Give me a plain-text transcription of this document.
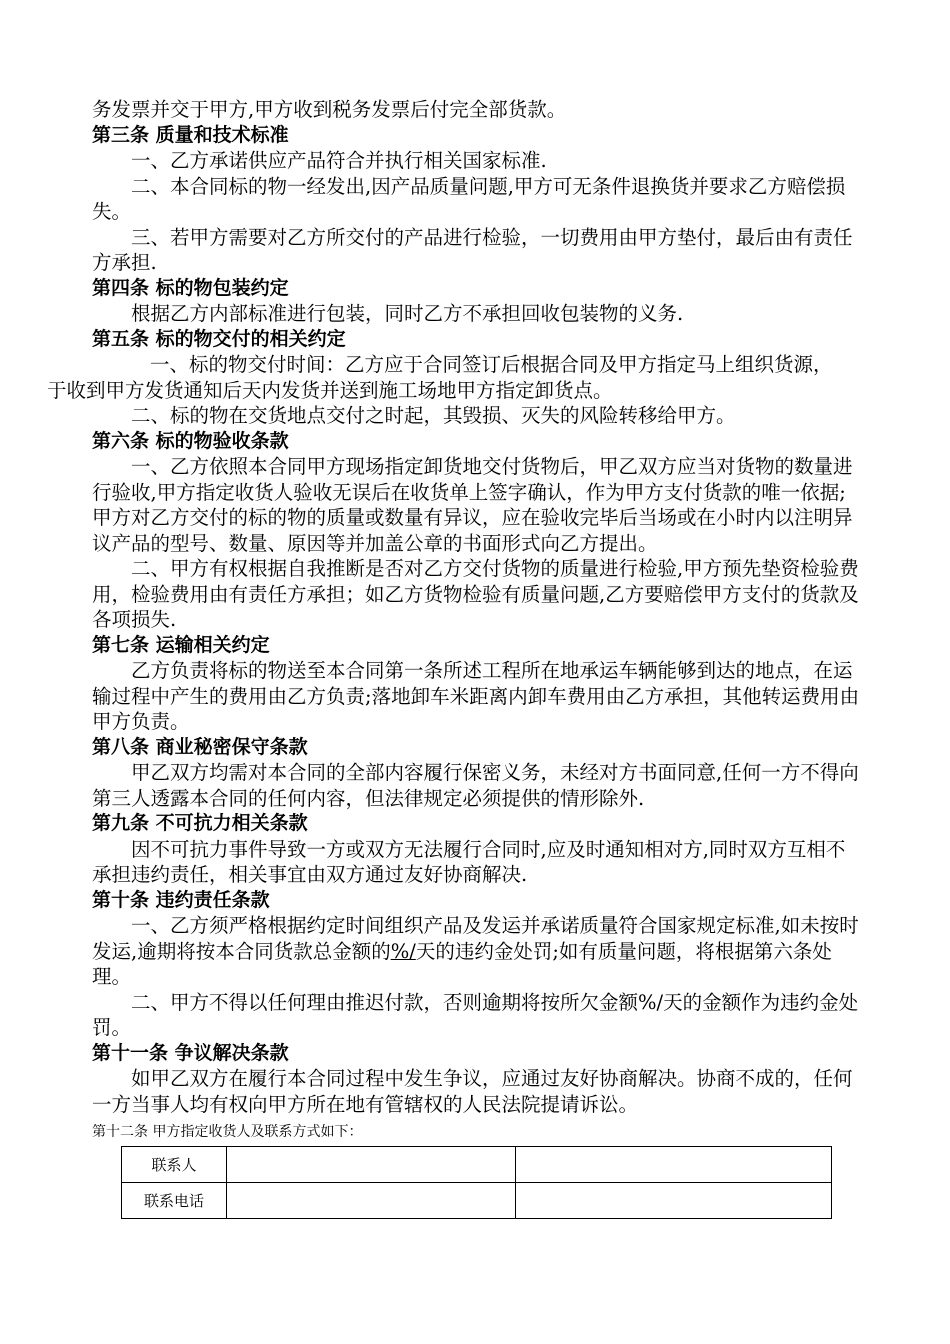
务发票并交于甲方,甲方收到税务发票后付完全部货款。
第三条 质量和技术标准
一、乙方承诺供应产品符合并执行相关国家标准.
二、本合同标的物一经发出,因产品质量问题,甲方可无条件退换货并要求乙方赔偿损失。
三、若甲方需要对乙方所交付的产品进行检验，一切费用由甲方垫付，最后由有责任方承担.
第四条 标的物包装约定
根据乙方内部标准进行包装，同时乙方不承担回收包装物的义务.
第五条 标的物交付的相关约定
一、标的物交付时间：乙方应于合同签订后根据合同及甲方指定马上组织货源，
于收到甲方发货通知后天内发货并送到施工场地甲方指定卸货点。
二、标的物在交货地点交付之时起，其毁损、灭失的风险转移给甲方。
第六条 标的物验收条款
一、乙方依照本合同甲方现场指定卸货地交付货物后，甲乙双方应当对货物的数量进行验收,甲方指定收货人验收无误后在收货单上签字确认，作为甲方支付货款的唯一依据;甲方对乙方交付的标的物的质量或数量有异议，应在验收完毕后当场或在小时内以注明异议产品的型号、数量、原因等并加盖公章的书面形式向乙方提出。
二、甲方有权根据自我推断是否对乙方交付货物的质量进行检验,甲方预先垫资检验费用，检验费用由有责任方承担；如乙方货物检验有质量问题,乙方要赔偿甲方支付的货款及各项损失.
第七条 运输相关约定
乙方负责将标的物送至本合同第一条所述工程所在地承运车辆能够到达的地点，在运输过程中产生的费用由乙方负责;落地卸车米距离内卸车费用由乙方承担，其他转运费用由甲方负责。
第八条 商业秘密保守条款
甲乙双方均需对本合同的全部内容履行保密义务，未经对方书面同意,任何一方不得向第三人透露本合同的任何内容，但法律规定必须提供的情形除外.
第九条 不可抗力相关条款
因不可抗力事件导致一方或双方无法履行合同时,应及时通知相对方,同时双方互相不承担违约责任，相关事宜由双方通过友好协商解决.
第十条 违约责任条款
一、乙方须严格根据约定时间组织产品及发运并承诺质量符合国家规定标准,如未按时发运,逾期将按本合同货款总金额的%/天的违约金处罚;如有质量问题，将根据第六条处理。
二、甲方不得以任何理由推迟付款，否则逾期将按所欠金额%/天的金额作为违约金处罚。
第十一条 争议解决条款
如甲乙双方在履行本合同过程中发生争议，应通过友好协商解决。协商不成的，任何一方当事人均有权向甲方所在地有管辖权的人民法院提请诉讼。
第十二条 甲方指定收货人及联系方式如下：
联系人		
联系电话		
